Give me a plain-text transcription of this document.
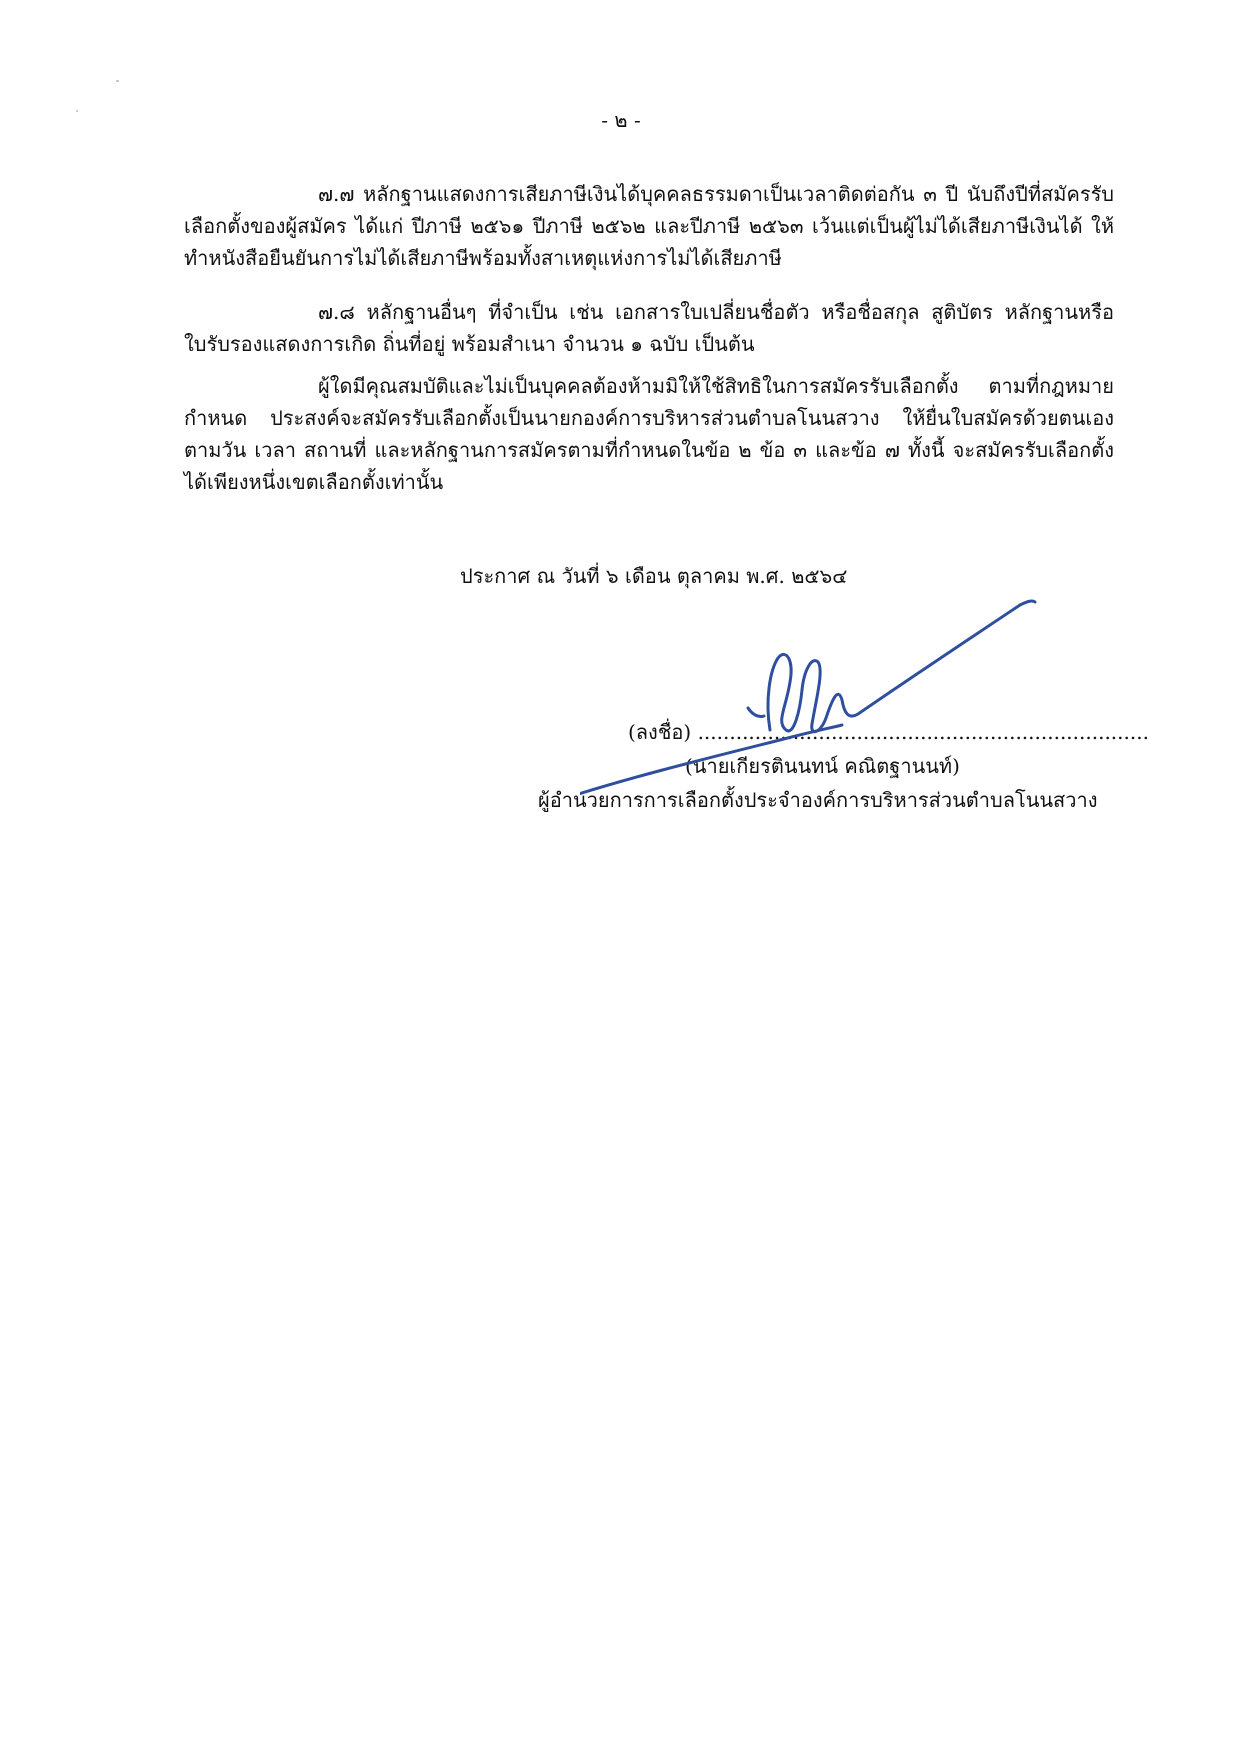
- ๒ -

๗.๗ หลักฐานแสดงการเสียภาษีเงินได้บุคคลธรรมดาเป็นเวลาติดต่อกัน ๓ ปี นับถึงปีที่สมัครรับเลือกตั้งของผู้สมัคร ได้แก่ ปีภาษี ๒๕๖๑ ปีภาษี ๒๕๖๒ และปีภาษี ๒๕๖๓ เว้นแต่เป็นผู้ไม่ได้เสียภาษีเงินได้ ให้ทำหนังสือยืนยันการไม่ได้เสียภาษีพร้อมทั้งสาเหตุแห่งการไม่ได้เสียภาษี

๗.๘ หลักฐานอื่นๆ ที่จำเป็น เช่น เอกสารใบเปลี่ยนชื่อตัว หรือชื่อสกุล สูติบัตร หลักฐานหรือใบรับรองแสดงการเกิด ถิ่นที่อยู่ พร้อมสำเนา จำนวน ๑ ฉบับ เป็นต้น

ผู้ใดมีคุณสมบัติและไม่เป็นบุคคลต้องห้ามมิให้ใช้สิทธิในการสมัครรับเลือกตั้ง ตามที่กฎหมายกำหนด ประสงค์จะสมัครรับเลือกตั้งเป็นนายกองค์การบริหารส่วนตำบลโนนสวาง ให้ยื่นใบสมัครด้วยตนเอง ตามวัน เวลา สถานที่ และหลักฐานการสมัครตามที่กำหนดในข้อ ๒ ข้อ ๓ และข้อ ๗ ทั้งนี้ จะสมัครรับเลือกตั้งได้เพียงหนึ่งเขตเลือกตั้งเท่านั้น

ประกาศ ณ วันที่ ๖ เดือน ตุลาคม พ.ศ. ๒๕๖๔
(ลงชื่อ) .......................................................................
(นายเกียรตินนทน์ คณิตฐานนท์)
ผู้อำนวยการการเลือกตั้งประจำองค์การบริหารส่วนตำบลโนนสวาง
